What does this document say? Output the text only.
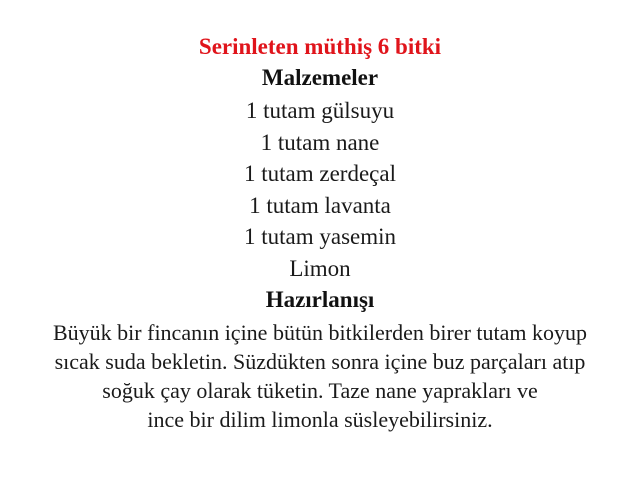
Serinleten müthiş 6 bitki
Malzemeler
1 tutam gülsuyu
1 tutam nane
1 tutam zerdeçal
1 tutam lavanta
1 tutam yasemin
Limon
Hazırlanışı

Büyük bir fincanın içine bütün bitkilerden birer tutam koyup
sıcak suda bekletin. Süzdükten sonra içine buz parçaları atıp
soğuk çay olarak tüketin. Taze nane yaprakları ve
ince bir dilim limonla süsleyebilirsiniz.
